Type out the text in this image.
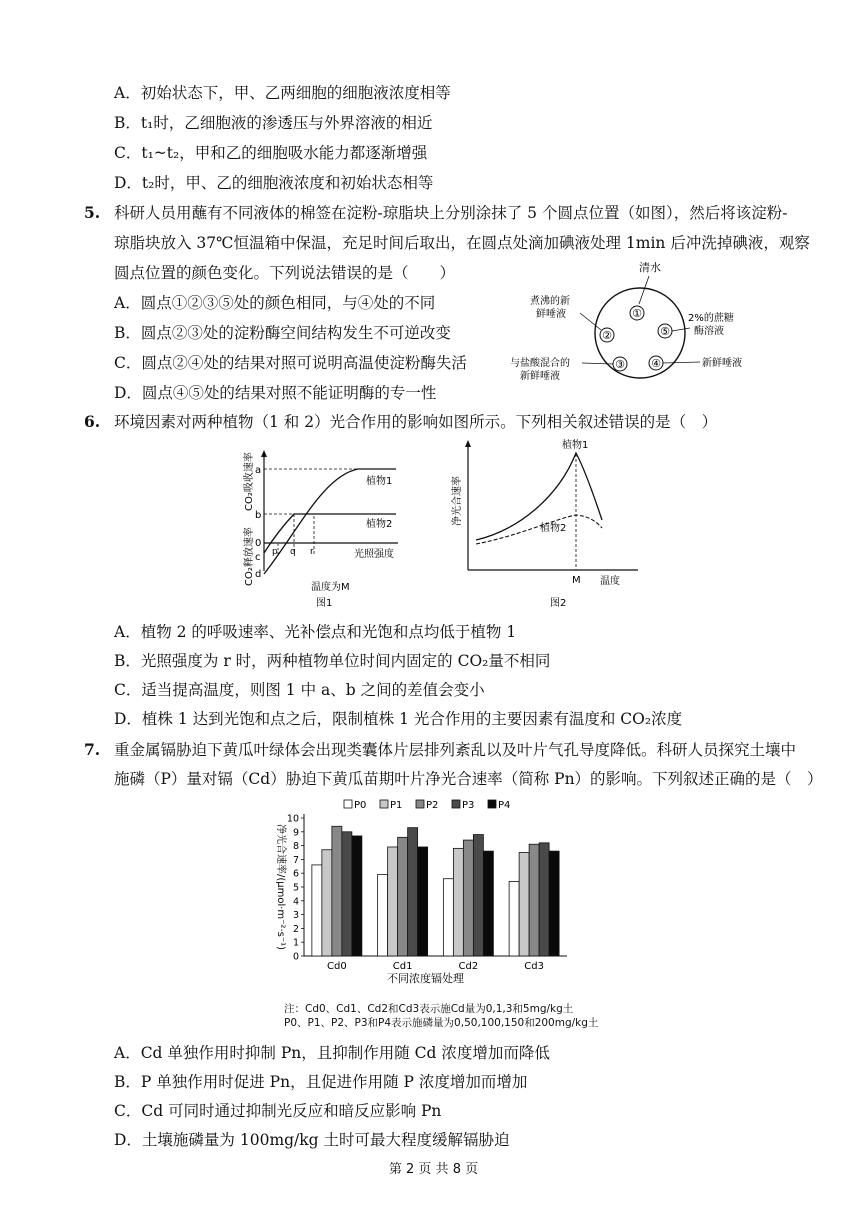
A．初始状态下，甲、乙两细胞的细胞液浓度相等
B．t₁时，乙细胞液的渗透压与外界溶液的相近
C．t₁~t₂，甲和乙的细胞吸水能力都逐渐增强
D．t₂时，甲、乙的细胞液浓度和初始状态相等
5. 科研人员用蘸有不同液体的棉签在淀粉-琼脂块上分别涂抹了 5 个圆点位置（如图），然后将该淀粉-
琼脂块放入 37℃恒温箱中保温，充足时间后取出，在圆点处滴加碘液处理 1min 后冲洗掉碘液，观察
圆点位置的颜色变化。下列说法错误的是（　　）
A．圆点①②③⑤处的颜色相同，与④处的不同
B．圆点②③处的淀粉酶空间结构发生不可逆改变
C．圆点②④处的结果对照可说明高温使淀粉酶失活
D．圆点④⑤处的结果对照不能证明酶的专一性
①
②
③ ④
⑤
清水
煮沸的新
鲜唾液	2%的蔗糖
酶溶液
与盐酸混合的
新鲜唾液
新鲜唾液
6. 环境因素对两种植物（1 和 2）光合作用的影响如图所示。下列相关叙述错误的是（　）
CO₂吸收速率
CO₂释放速率	光照强度
a
b
0
c
d
p q r
植物1
植物2
温度为M
图1
净光合速率
温度
M
植物1
植物2
图2
A．植物 2 的呼吸速率、光补偿点和光饱和点均低于植物 1
B．光照强度为 r 时，两种植物单位时间内固定的 CO₂量不相同
C．适当提高温度，则图 1 中 a、b 之间的差值会变小
D．植株 1 达到光饱和点之后，限制植株 1 光合作用的主要因素有温度和 CO₂浓度
7. 重金属镉胁迫下黄瓜叶绿体会出现类囊体片层排列紊乱以及叶片气孔导度降低。科研人员探究土壤中
施磷（P）量对镉（Cd）胁迫下黄瓜苗期叶片净光合速率（简称 Pn）的影响。下列叙述正确的是（　）
P0 P1 P2 P3 P4
0
1
2
3
4
5
6
7
8
9
10
净光合速率/(μmol·m⁻²·s⁻¹)
Cd0	Cd1	Cd2	Cd3
不同浓度镉处理
注：Cd0、Cd1、Cd2和Cd3表示施Cd量为0,1,3和5mg/kg土
P0、P1、P2、P3和P4表示施磷量为0,50,100,150和200mg/kg土
A．Cd 单独作用时抑制 Pn，且抑制作用随 Cd 浓度增加而降低
B．P 单独作用时促进 Pn，且促进作用随 P 浓度增加而增加
C．Cd 可同时通过抑制光反应和暗反应影响 Pn
D．土壤施磷量为 100mg/kg 土时可最大程度缓解镉胁迫
第 2 页 共 8 页
